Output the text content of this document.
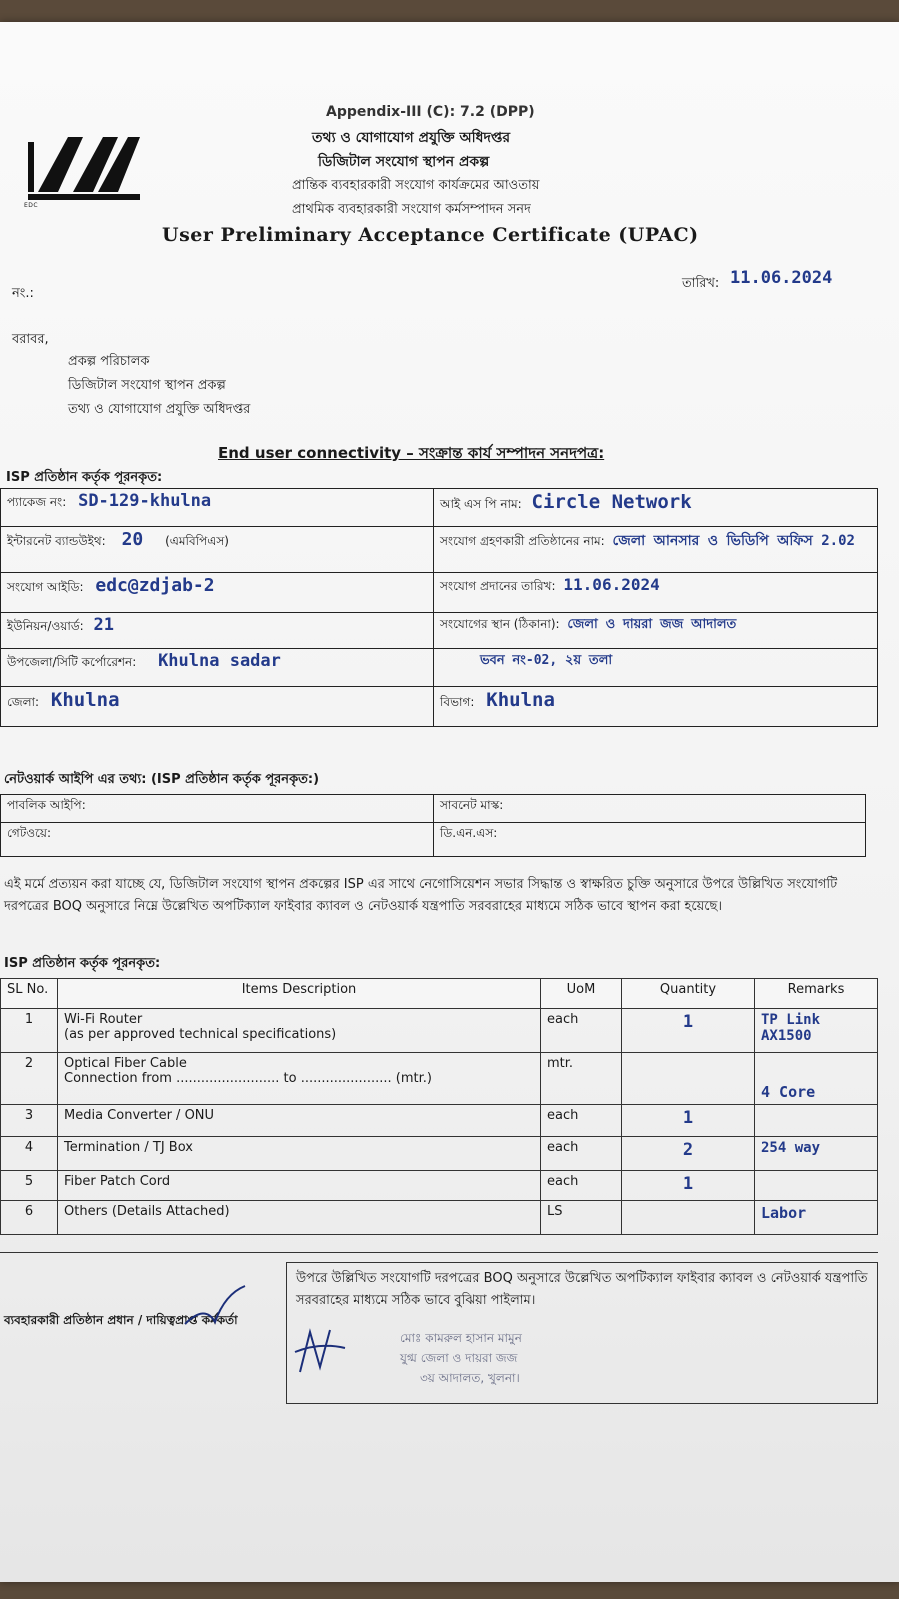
EDC
Appendix-III (C): 7.2 (DPP)
তথ্য ও যোগাযোগ প্রযুক্তি অধিদপ্তর
ডিজিটাল সংযোগ স্থাপন প্রকল্প
প্রান্তিক ব্যবহারকারী সংযোগ কার্যক্রমের আওতায়
প্রাথমিক ব্যবহারকারী সংযোগ কর্মসম্পাদন সনদ
User Preliminary Acceptance Certificate (UPAC)
নং.:
তারিখ: 11.06.2024
বরাবর,
প্রকল্প পরিচালক
ডিজিটাল সংযোগ স্থাপন প্রকল্প
তথ্য ও যোগাযোগ প্রযুক্তি অধিদপ্তর
End user connectivity – সংক্রান্ত কার্য সম্পাদন সনদপত্র:
ISP প্রতিষ্ঠান কর্তৃক পূরনকৃত:
প্যাকেজ নং: SD-129-khulna	আই এস পি নাম: Circle Network
ইন্টারনেট ব্যান্ডউইথ: 20 (এমবিপিএস)	সংযোগ গ্রহণকারী প্রতিষ্ঠানের নাম: জেলা আনসার ও ভিডিপি অফিস 2.02
সংযোগ আইডি: edc@zdjab-2	সংযোগ প্রদানের তারিখ: 11.06.2024
ইউনিয়ন/ওয়ার্ড: 21	সংযোগের স্থান (ঠিকানা): জেলা ও দায়রা জজ আদালত
উপজেলা/সিটি কর্পোরেশন: Khulna sadar	ভবন নং-02, ২য় তলা
জেলা: Khulna	বিভাগ: Khulna
নেটওয়ার্ক আইপি এর তথ্য: (ISP প্রতিষ্ঠান কর্তৃক পূরনকৃত:)
পাবলিক আইপি:	সাবনেট মাস্ক:
গেটওয়ে:	ডি.এন.এস:
এই মর্মে প্রত্যয়ন করা যাচ্ছে যে, ডিজিটাল সংযোগ স্থাপন প্রকল্পের ISP এর সাথে নেগোসিয়েশন সভার সিদ্ধান্ত ও স্বাক্ষরিত চুক্তি অনুসারে উপরে উল্লিখিত সংযোগটি দরপত্রের BOQ অনুসারে নিম্নে উল্লেখিত অপটিক্যাল ফাইবার ক্যাবল ও নেটওয়ার্ক যন্ত্রপাতি সরবরাহের মাধ্যমে সঠিক ভাবে স্থাপন করা হয়েছে।
ISP প্রতিষ্ঠান কর্তৃক পূরনকৃত:
SL No.	Items Description	UoM	Quantity	Remarks
1	Wi-Fi Router
(as per approved technical specifications)	each	1	TP Link AX1500
2	Optical Fiber Cable
Connection from ......................... to ...................... (mtr.)	mtr.		4 Core
3	Media Converter / ONU	each	1	
4	Termination / TJ Box	each	2	254 way
5	Fiber Patch Cord	each	1	
6	Others (Details Attached)	LS		Labor
ব্যবহারকারী প্রতিষ্ঠান প্রধান / দায়িত্বপ্রাপ্ত কর্মকর্তা
উপরে উল্লিখিত সংযোগটি দরপত্রের BOQ অনুসারে উল্লেখিত অপটিক্যাল ফাইবার ক্যাবল ও নেটওয়ার্ক যন্ত্রপাতি সরবরাহের মাধ্যমে সঠিক ভাবে বুঝিয়া পাইলাম।
মোঃ কামরুল হাসান মামুন
যুগ্ম জেলা ও দায়রা জজ
৩য় আদালত, খুলনা।
